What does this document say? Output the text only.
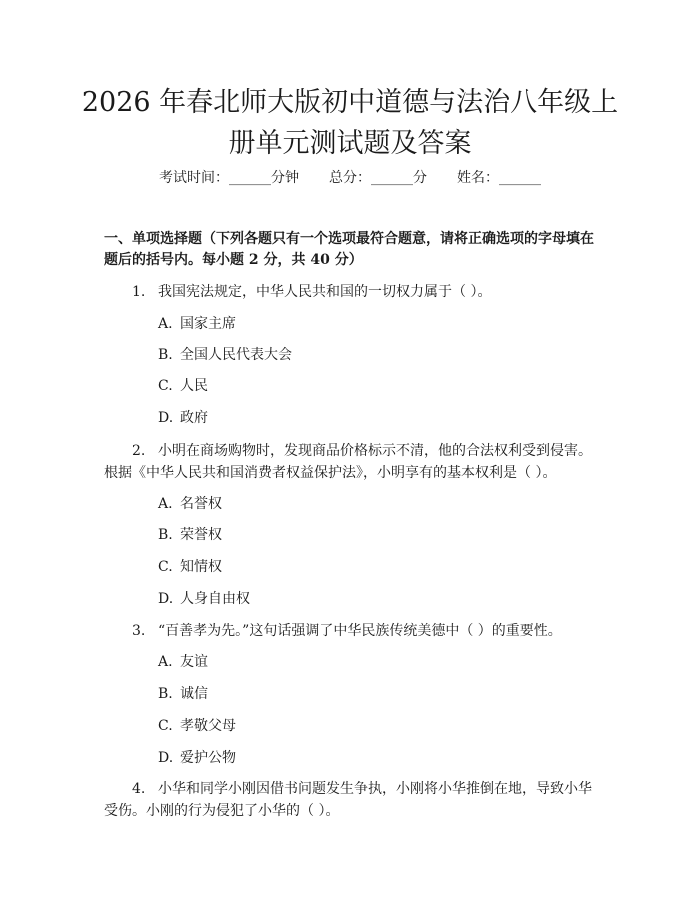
2026 年春北师大版初中道德与法治八年级上册单元测试题及答案
考试时间：______分钟 总分：______分 姓名：______
一、单项选择题（下列各题只有一个选项最符合题意，请将正确选项的字母填在题后的括号内。每小题 2 分，共 40 分）

1. 我国宪法规定，中华人民共和国的一切权力属于（ ）。

A. 国家主席
B. 全国人民代表大会
C. 人民
D. 政府

2. 小明在商场购物时，发现商品价格标示不清，他的合法权利受到侵害。根据《中华人民共和国消费者权益保护法》，小明享有的基本权利是（ ）。

A. 名誉权
B. 荣誉权
C. 知情权
D. 人身自由权

3. “百善孝为先。”这句话强调了中华民族传统美德中（ ）的重要性。

A. 友谊
B. 诚信
C. 孝敬父母
D. 爱护公物

4. 小华和同学小刚因借书问题发生争执，小刚将小华推倒在地，导致小华受伤。小刚的行为侵犯了小华的（ ）。
